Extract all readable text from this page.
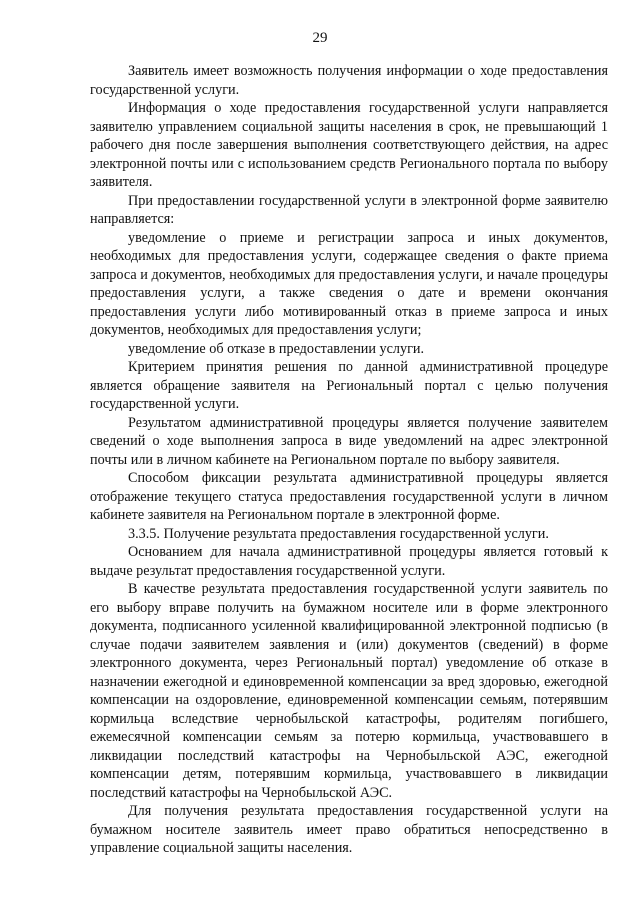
29

Заявитель имеет возможность получения информации о ходе предоставления государственной услуги.

Информация о ходе предоставления государственной услуги направляется заявителю управлением социальной защиты населения в срок, не превышающий 1 рабочего дня после завершения выполнения соответствующего действия, на адрес электронной почты или с использованием средств Регионального портала по выбору заявителя.

При предоставлении государственной услуги в электронной форме заявителю направляется:

уведомление о приеме и регистрации запроса и иных документов, необходимых для предоставления услуги, содержащее сведения о факте приема запроса и документов, необходимых для предоставления услуги, и начале процедуры предоставления услуги, а также сведения о дате и времени окончания предоставления услуги либо мотивированный отказ в приеме запроса и иных документов, необходимых для предоставления услуги;

уведомление об отказе в предоставлении услуги.

Критерием принятия решения по данной административной процедуре является обращение заявителя на Региональный портал с целью получения государственной услуги.

Результатом административной процедуры является получение заявителем сведений о ходе выполнения запроса в виде уведомлений на адрес электронной почты или в личном кабинете на Региональном портале по выбору заявителя.

Способом фиксации результата административной процедуры является отображение текущего статуса предоставления государственной услуги в личном кабинете заявителя на Региональном портале в электронной форме.

3.3.5. Получение результата предоставления государственной услуги.

Основанием для начала административной процедуры является готовый к выдаче результат предоставления государственной услуги.

В качестве результата предоставления государственной услуги заявитель по его выбору вправе получить на бумажном носителе или в форме электронного документа, подписанного усиленной квалифицированной электронной подписью (в случае подачи заявителем заявления и (или) документов (сведений) в форме электронного документа, через Региональный портал) уведомление об отказе в назначении ежегодной и единовременной компенсации за вред здоровью, ежегодной компенсации на оздоровление, единовременной компенсации семьям, потерявшим кормильца вследствие чернобыльской катастрофы, родителям погибшего, ежемесячной компенсации семьям за потерю кормильца, участвовавшего в ликвидации последствий катастрофы на Чернобыльской АЭС, ежегодной компенсации детям, потерявшим кормильца, участвовавшего в ликвидации последствий катастрофы на Чернобыльской АЭС.

Для получения результата предоставления государственной услуги на бумажном носителе заявитель имеет право обратиться непосредственно в управление социальной защиты населения.
